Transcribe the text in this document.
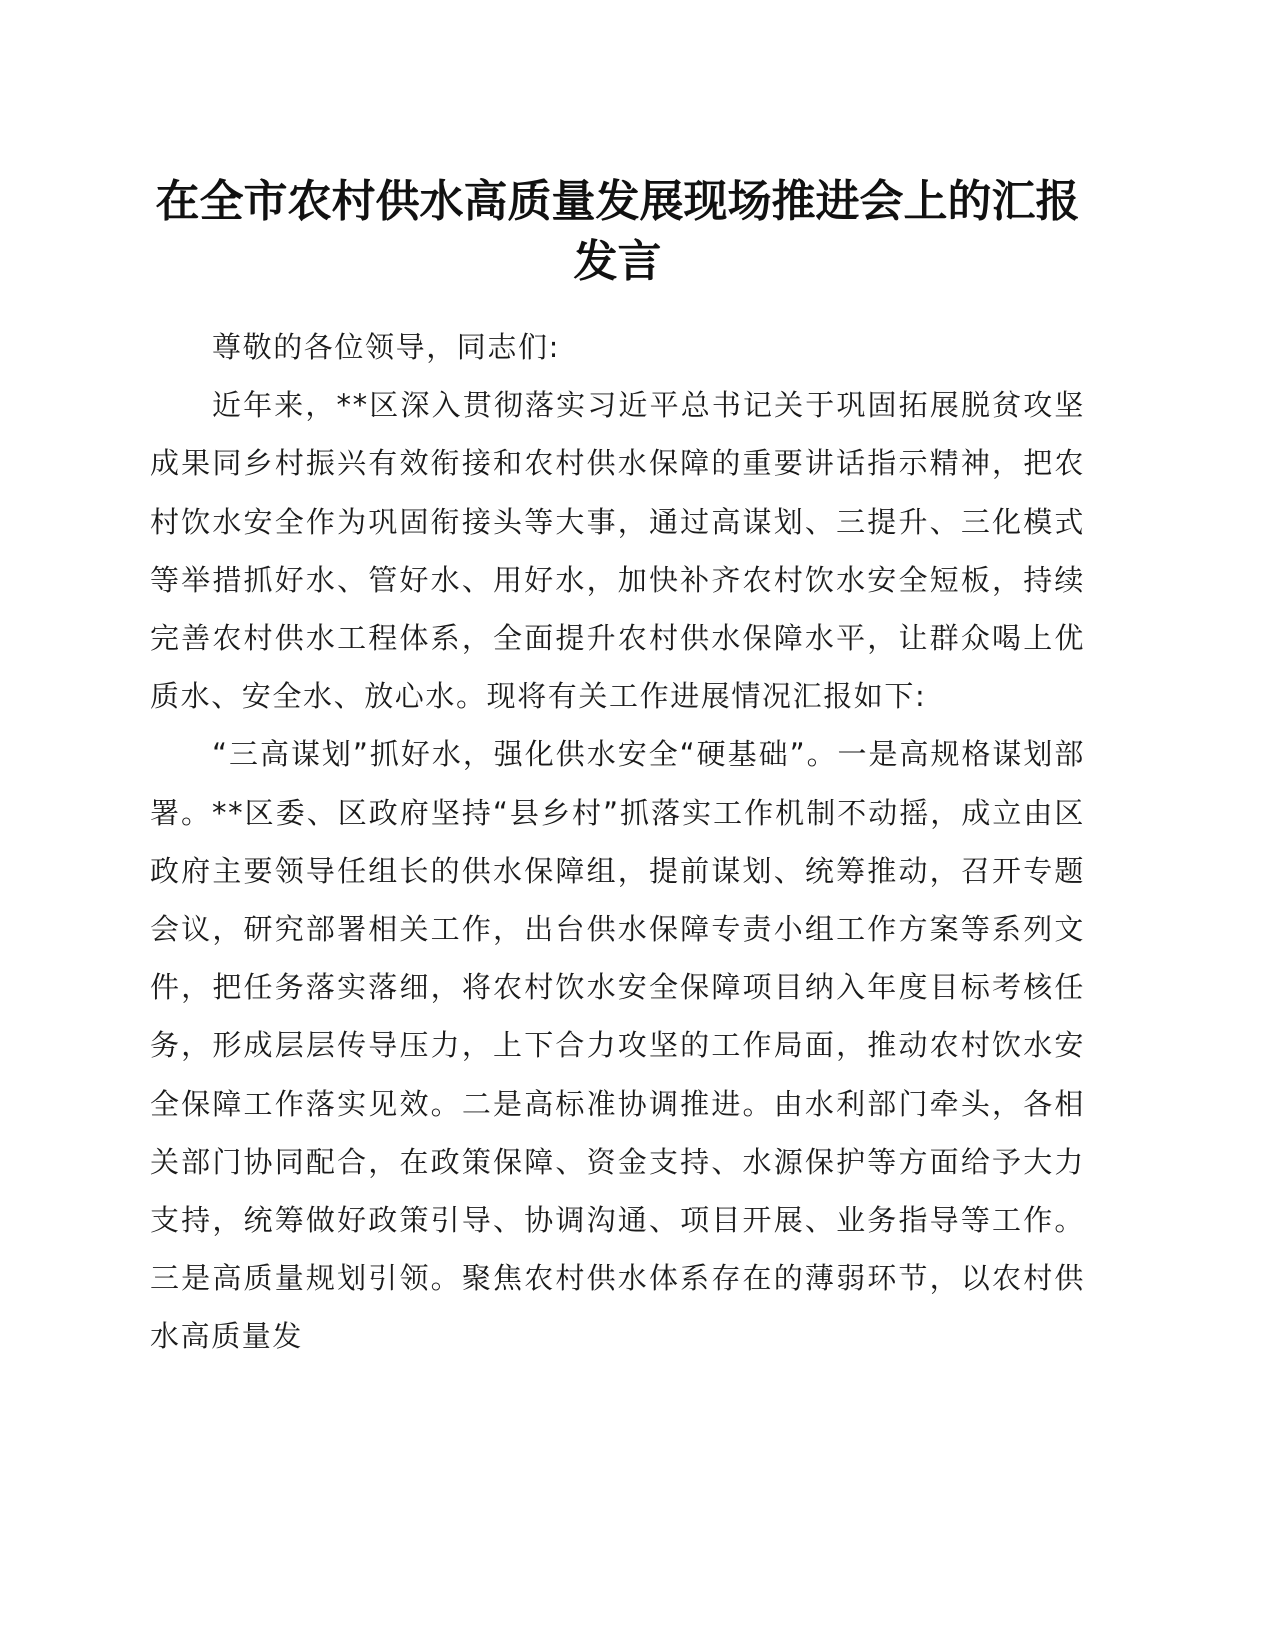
在全市农村供水高质量发展现场推进会上的汇报发言

尊敬的各位领导，同志们:

近年来，**区深入贯彻落实习近平总书记关于巩固拓展脱贫攻坚成果同乡村振兴有效衔接和农村供水保障的重要讲话指示精神，把农村饮水安全作为巩固衔接头等大事，通过高谋划、三提升、三化模式等举措抓好水、管好水、用好水，加快补齐农村饮水安全短板，持续完善农村供水工程体系，全面提升农村供水保障水平，让群众喝上优质水、安全水、放心水。现将有关工作进展情况汇报如下:

“三高谋划”抓好水，强化供水安全“硬基础”。一是高规格谋划部署。**区委、区政府坚持“县乡村”抓落实工作机制不动摇，成立由区政府主要领导任组长的供水保障组，提前谋划、统筹推动，召开专题会议，研究部署相关工作，出台供水保障专责小组工作方案等系列文件，把任务落实落细，将农村饮水安全保障项目纳入年度目标考核任务，形成层层传导压力，上下合力攻坚的工作局面，推动农村饮水安全保障工作落实见效。二是高标准协调推进。由水利部门牵头，各相关部门协同配合，在政策保障、资金支持、水源保护等方面给予大力支持，统筹做好政策引导、协调沟通、项目开展、业务指导等工作。三是高质量规划引领。聚焦农村供水体系存在的薄弱环节，以农村供水高质量发
